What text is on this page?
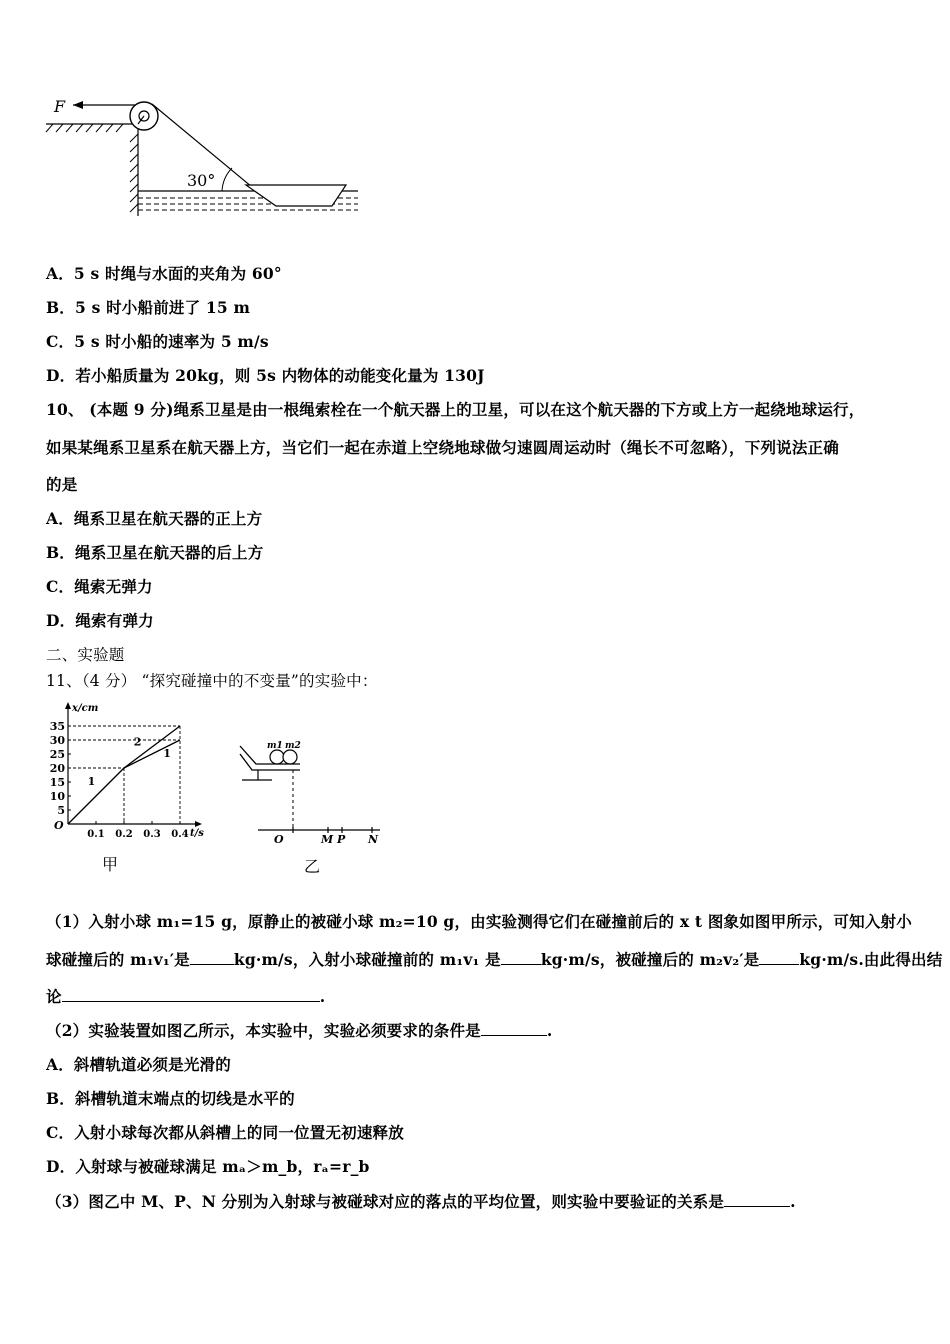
F
30°
A．5 s 时绳与水面的夹角为 60°
B．5 s 时小船前进了 15 m
C．5 s 时小船的速率为 5 m/s
D．若小船质量为 20kg，则 5s 内物体的动能变化量为 130J
10、 (本题 9 分)绳系卫星是由一根绳索栓在一个航天器上的卫星，可以在这个航天器的下方或上方一起绕地球运行，
如果某绳系卫星系在航天器上方，当它们一起在赤道上空绕地球做匀速圆周运动时（绳长不可忽略），下列说法正确
的是
A．绳系卫星在航天器的正上方
B．绳系卫星在航天器的后上方
C．绳索无弹力
D．绳索有弹力
二、实验题
11、（4 分） “探究碰撞中的不变量”的实验中：
x/cm
t/s
O
5
10
15
20
25
30
35
0.1 0.2 0.3 0.4
1
1
2
甲
m1 m2
O	M P N
乙
（1）入射小球 m₁=15 g，原静止的被碰小球 m₂=10 g，由实验测得它们在碰撞前后的 x t 图象如图甲所示，可知入射小
球碰撞后的 m₁v₁′是	kg·m/s，入射小球碰撞前的 m₁v₁ 是	kg·m/s，被碰撞后的 m₂v₂′是	kg·m/s.由此得出结
论	.
（2）实验装置如图乙所示，本实验中，实验必须要求的条件是	.
A．斜槽轨道必须是光滑的
B．斜槽轨道末端点的切线是水平的
C．入射小球每次都从斜槽上的同一位置无初速释放
D．入射球与被碰球满足 mₐ＞m_b，rₐ=r_b
（3）图乙中 M、P、N 分别为入射球与被碰球对应的落点的平均位置，则实验中要验证的关系是	.
